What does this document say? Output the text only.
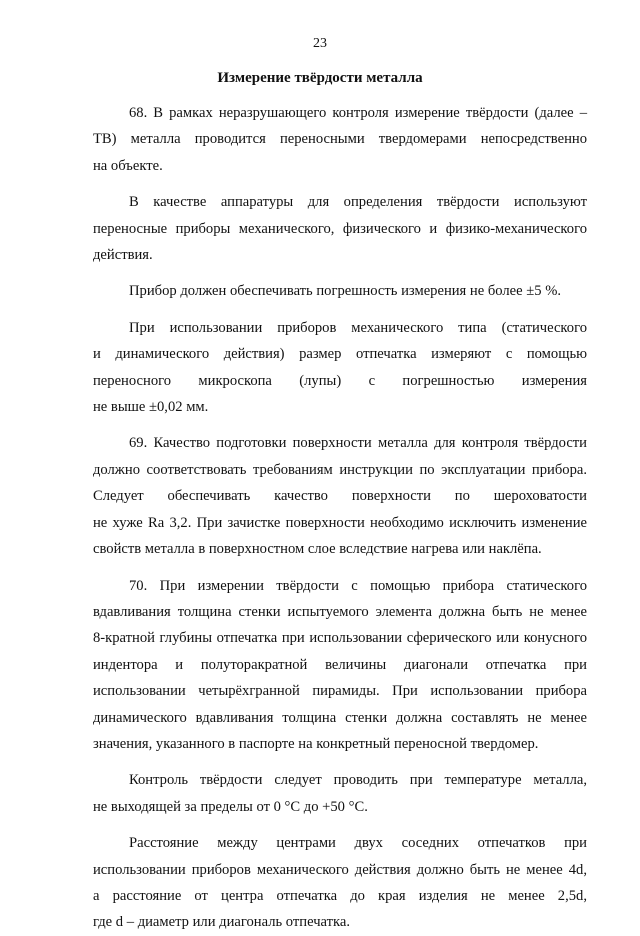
23
Измерение твёрдости металла
68. В рамках неразрушающего контроля измерение твёрдости (далее –
ТВ) металла проводится переносными твердомерами непосредственно
на объекте.
В качестве аппаратуры для определения твёрдости используют
переносные приборы механического, физического и физико-механического
действия.
Прибор должен обеспечивать погрешность измерения не более ±5 %.
При использовании приборов механического типа (статического
и динамического действия) размер отпечатка измеряют с помощью
переносного микроскопа (лупы) с погрешностью измерения
не выше ±0,02 мм.
69. Качество подготовки поверхности металла для контроля твёрдости
должно соответствовать требованиям инструкции по эксплуатации прибора.
Следует обеспечивать качество поверхности по шероховатости
не хуже Rа 3,2. При зачистке поверхности необходимо исключить изменение
свойств металла в поверхностном слое вследствие нагрева или наклёпа.
70. При измерении твёрдости с помощью прибора статического
вдавливания толщина стенки испытуемого элемента должна быть не менее
8-кратной глубины отпечатка при использовании сферического или конусного
индентора и полуторакратной величины диагонали отпечатка при
использовании четырёхгранной пирамиды. При использовании прибора
динамического вдавливания толщина стенки должна составлять не менее
значения, указанного в паспорте на конкретный переносной твердомер.
Контроль твёрдости следует проводить при температуре металла,
не выходящей за пределы от 0 °С до +50 °С.
Расстояние между центрами двух соседних отпечатков при
использовании приборов механического действия должно быть не менее 4d,
а расстояние от центра отпечатка до края изделия не менее 2,5d,
где d – диаметр или диагональ отпечатка.
